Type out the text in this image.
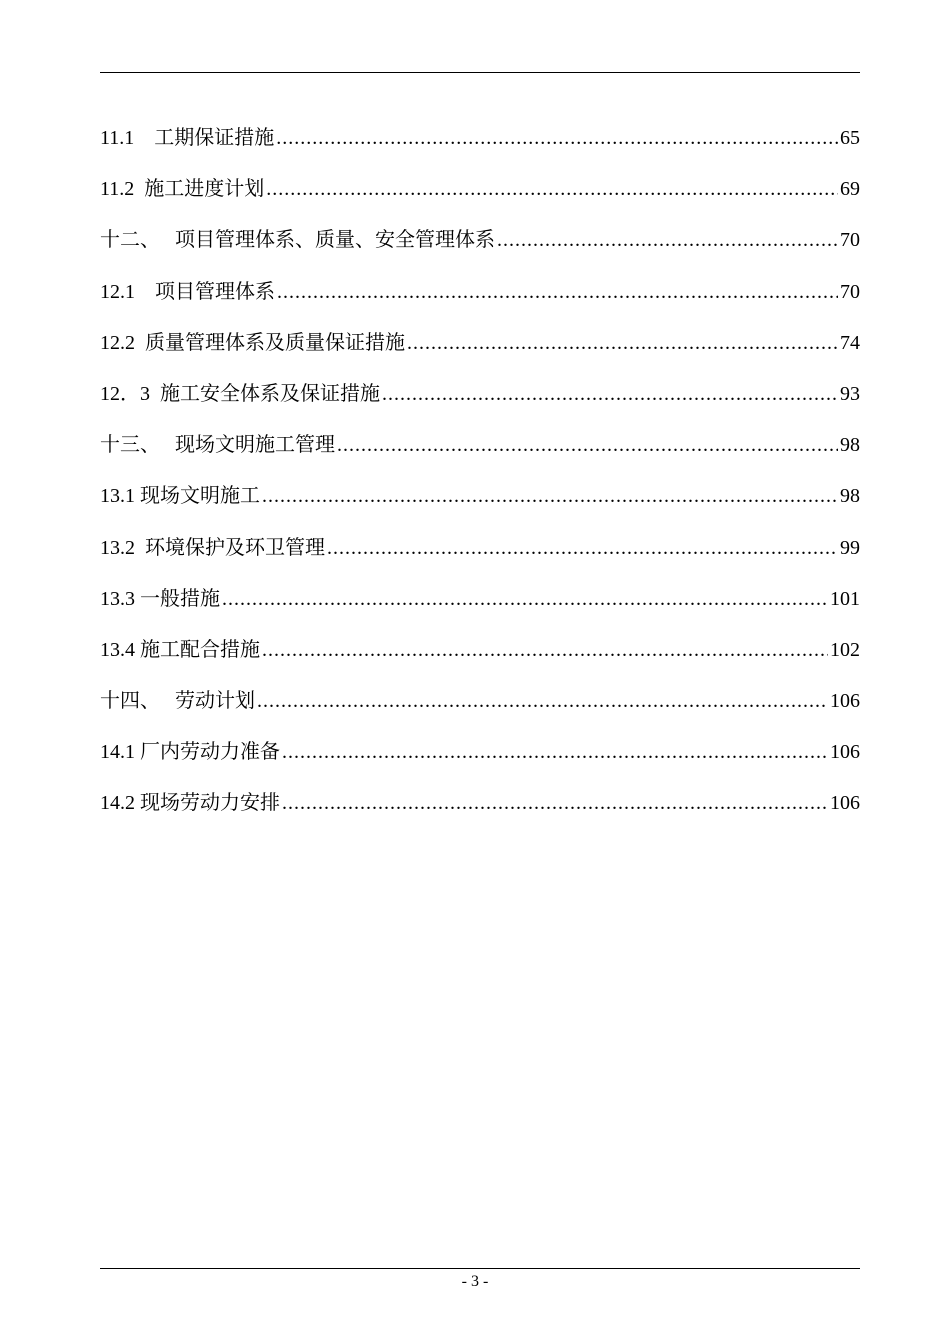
11.1    工期保证措施 .....	65
11.2  施工进度计划 .....	69
十二、   项目管理体系、质量、安全管理体系 .....	70
12.1    项目管理体系 .....	70
12.2  质量管理体系及质量保证措施 .....	74
12．3  施工安全体系及保证措施 .....	93
十三、   现场文明施工管理 .....	98
13.1 现场文明施工 .....	98
13.2  环境保护及环卫管理 .....	99
13.3 一般措施 .....	101
13.4 施工配合措施 .....	102
十四、   劳动计划 .....	106
14.1 厂内劳动力准备 .....	106
14.2 现场劳动力安排 .....	106
- 3 -
